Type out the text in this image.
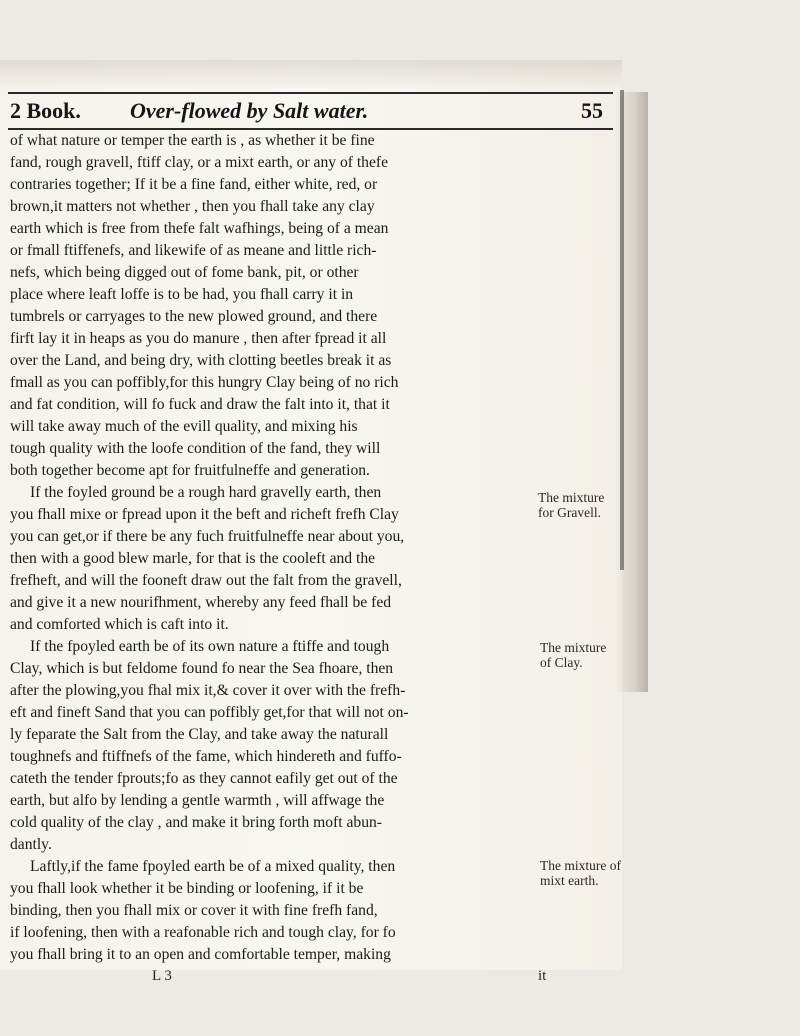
2 Book. Over-flowed by Salt water.	55
of what nature or temper the earth is , as whether it be fine
fand, rough gravell, ftiff clay, or a mixt earth, or any of thefe
contraries together; If it be a fine fand, either white, red, or
brown,it matters not whether , then you fhall take any clay
earth which is free from thefe falt wafhings, being of a mean
or fmall ftiffenefs, and likewife of as meane and little rich-
nefs, which being digged out of fome bank, pit, or other
place where leaft loffe is to be had, you fhall carry it in
tumbrels or carryages to the new plowed ground, and there
firft lay it in heaps as you do manure , then after fpread it all
over the Land, and being dry, with clotting beetles break it as
fmall as you can poffibly,for this hungry Clay being of no rich
and fat condition, will fo fuck and draw the falt into it, that it
will take away much of the evill quality, and mixing his
tough quality with the loofe condition of the fand, they will
both together become apt for fruitfulneffe and generation.
If the foyled ground be a rough hard gravelly earth, then
you fhall mixe or fpread upon it the beft and richeft frefh Clay
you can get,or if there be any fuch fruitfulneffe near about you,
then with a good blew marle, for that is the cooleft and the
frefheft, and will the fooneft draw out the falt from the gravell,
and give it a new nourifhment, whereby any feed fhall be fed
and comforted which is caft into it.
If the fpoyled earth be of its own nature a ftiffe and tough
Clay, which is but feldome found fo near the Sea fhoare, then
after the plowing,you fhal mix it,& cover it over with the frefh-
eft and fineft Sand that you can poffibly get,for that will not on-
ly feparate the Salt from the Clay, and take away the naturall
toughnefs and ftiffnefs of the fame, which hindereth and fuffo-
cateth the tender fprouts;fo as they cannot eafily get out of the
earth, but alfo by lending a gentle warmth , will affwage the
cold quality of the clay , and make it bring forth moft abun-
dantly.
Laftly,if the fame fpoyled earth be of a mixed quality, then
you fhall look whether it be binding or loofening, if it be
binding, then you fhall mix or cover it with fine frefh fand,
if loofening, then with a reafonable rich and tough clay, for fo
you fhall bring it to an open and comfortable temper, making
The mixture
for Gravell.
The mixture
of Clay.
The mixture of
mixt earth.
L 3	it
